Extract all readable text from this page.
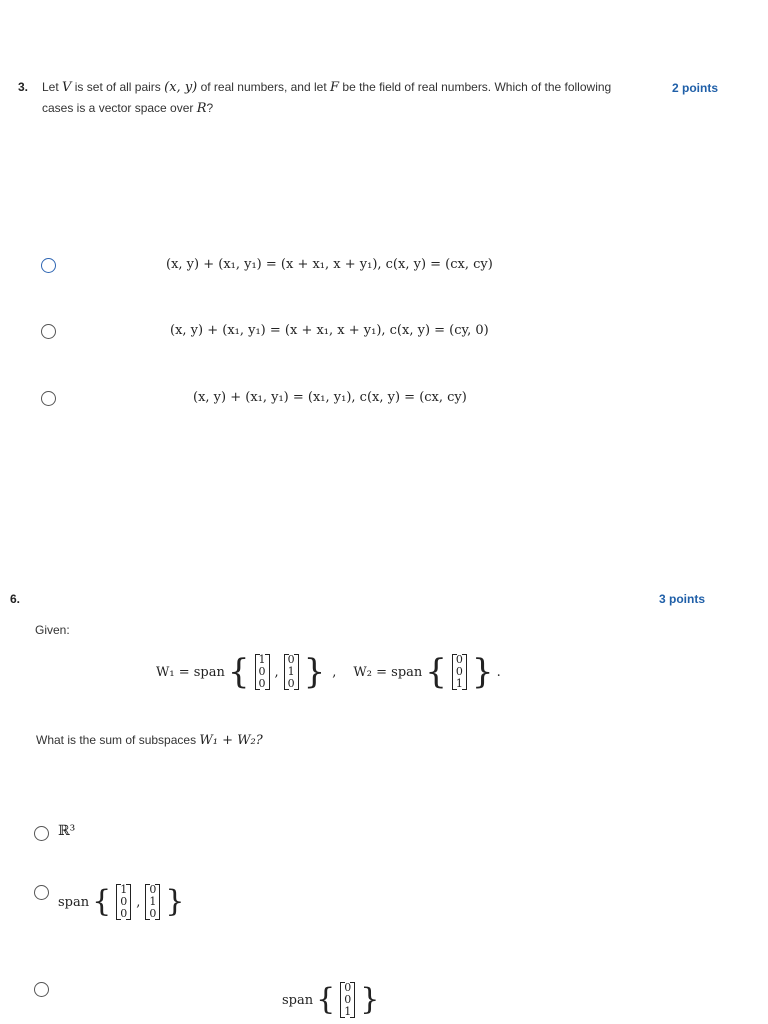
3. Let V is set of all pairs (x, y) of real numbers, and let F be the field of real numbers. Which of the following
cases is a vector space over R?
2 points
(x, y) + (x₁, y₁) = (x + x₁, x + y₁), c(x, y) = (cx, cy)
(x, y) + (x₁, y₁) = (x + x₁, x + y₁), c(x, y) = (cy, 0)
(x, y) + (x₁, y₁) = (x₁, y₁), c(x, y) = (cx, cy)
6.	3 points
Given:
W₁ = span { 1
0
0
,
0
1
0 } , W₂ = span { 0
0
1 } .
What is the sum of subspaces W₁ + W₂?
ℝ³
span { 1
0
0
,
0
1
0 }
span { 0
0
1 }
